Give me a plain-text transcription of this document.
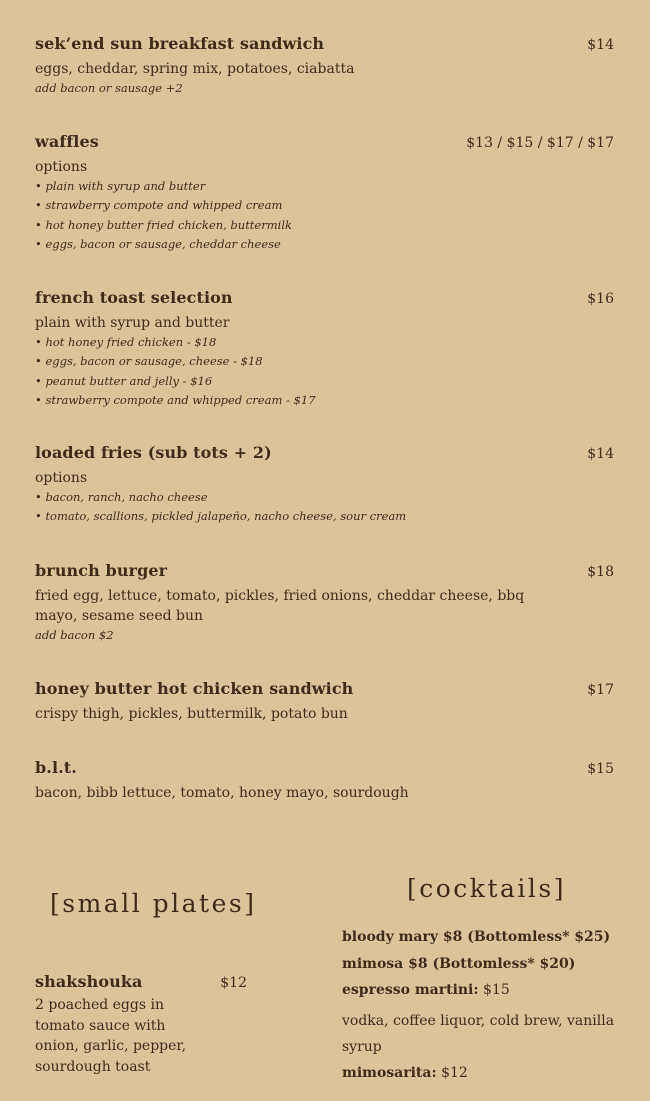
sek’end sun breakfast sandwich	$14
eggs, cheddar, spring mix, potatoes, ciabatta
add bacon or sausage +2
waffles	$13 / $15 / $17 / $17
options
• plain with syrup and butter
• strawberry compote and whipped cream
• hot honey butter fried chicken, buttermilk
• eggs, bacon or sausage, cheddar cheese
french toast selection	$16
plain with syrup and butter
• hot honey fried chicken - $18
• eggs, bacon or sausage, cheese - $18
• peanut butter and jelly - $16
• strawberry compote and whipped cream - $17
loaded fries (sub tots + 2)	$14
options
• bacon, ranch, nacho cheese
• tomato, scallions, pickled jalapeño, nacho cheese, sour cream
brunch burger	$18
fried egg, lettuce, tomato, pickles, fried onions, cheddar cheese, bbq mayo, sesame seed bun
add bacon $2
honey butter hot chicken sandwich	$17
crispy thigh, pickles, buttermilk, potato bun
b.l.t.	$15
bacon, bibb lettuce, tomato, honey mayo, sourdough
[small plates]
[cocktails]
shakshouka	$12
2 poached eggs in tomato sauce with onion, garlic, pepper, sourdough toast
bloody mary $8 (Bottomless* $25)
mimosa $8 (Bottomless* $20)
espresso martini: $15
vodka, coffee liquor, cold brew, vanilla syrup
mimosarita: $12
